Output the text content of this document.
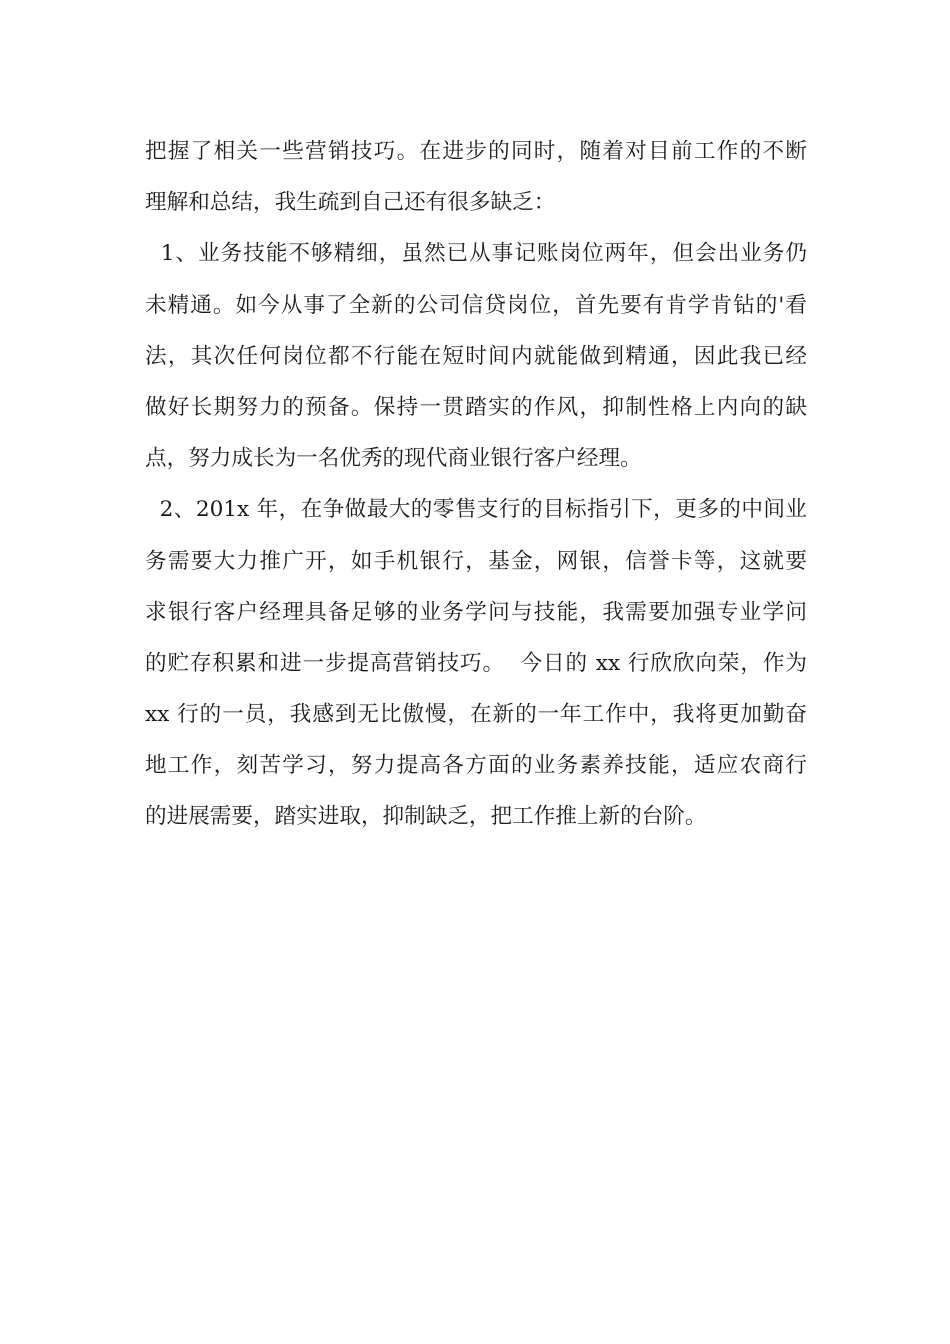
把握了相关一些营销技巧。在进步的同时，随着对目前工作的不断
理解和总结，我生疏到自己还有很多缺乏：
1、业务技能不够精细，虽然已从事记账岗位两年，但会出业务仍
未精通。如今从事了全新的公司信贷岗位，首先要有肯学肯钻的'看
法，其次任何岗位都不行能在短时间内就能做到精通，因此我已经
做好长期努力的预备。保持一贯踏实的作风，抑制性格上内向的缺
点，努力成长为一名优秀的现代商业银行客户经理。
2、201x 年，在争做最大的零售支行的目标指引下，更多的中间业
务需要大力推广开，如手机银行，基金，网银，信誉卡等，这就要
求银行客户经理具备足够的业务学问与技能，我需要加强专业学问
的贮存积累和进一步提高营销技巧。  今日的 xx 行欣欣向荣，作为
xx 行的一员，我感到无比傲慢，在新的一年工作中，我将更加勤奋
地工作，刻苦学习，努力提高各方面的业务素养技能，适应农商行
的进展需要，踏实进取，抑制缺乏，把工作推上新的台阶。
